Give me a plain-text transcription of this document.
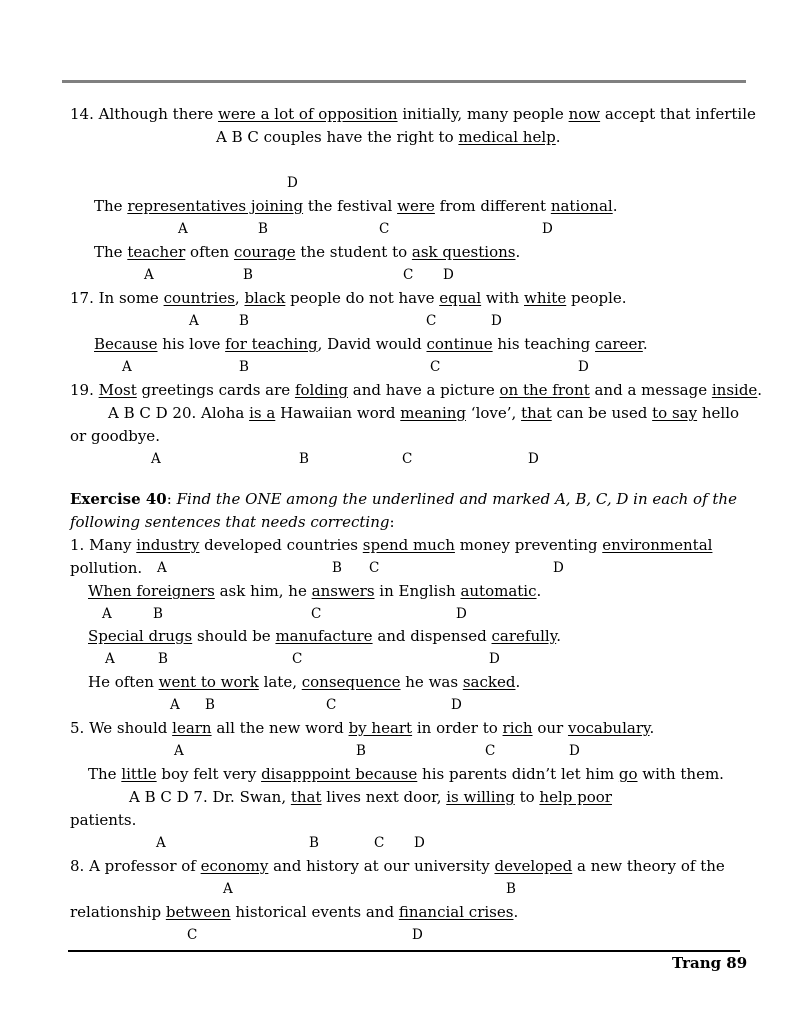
14. Although there were a lot of opposition initially, many people now accept that infertile
A B C couples have the right to medical help.
D
The representatives joining the festival were from different national.
A	B	C	D
The teacher often courage the student to ask questions.
A	B	C D
17. In some countries, black people do not have equal with white people.
A	B	C	D
Because his love for teaching, David would continue his teaching career.
A	B	C	D
19. Most greetings cards are folding and have a picture on the front and a message inside.
A B C D 20. Aloha is a Hawaiian word meaning ‘love’, that can be used to say hello
or goodbye.
A	B	C	D
Exercise 40: Find the ONE among the underlined and marked A, B, C, D in each of the
following sentences that needs correcting:
1. Many industry developed countries spend much money preventing environmental
pollution. A	B C	D
When foreigners ask him, he answers in English automatic.
A	B	C	D
Special drugs should be manufacture and dispensed carefully.
A	B	C	D
He often went to work late, consequence he was sacked.
A B	C	D
5. We should learn all the new word by heart in order to rich our vocabulary.
A	B	C	D
The little boy felt very disapppoint because his parents didn’t let him go with them.
A B C D 7. Dr. Swan, that lives next door, is willing to help poor
patients.
A	B	C D
8. A professor of economy and history at our university developed a new theory of the
A	B
relationship between historical events and financial crises.
C	D
Trang 89
